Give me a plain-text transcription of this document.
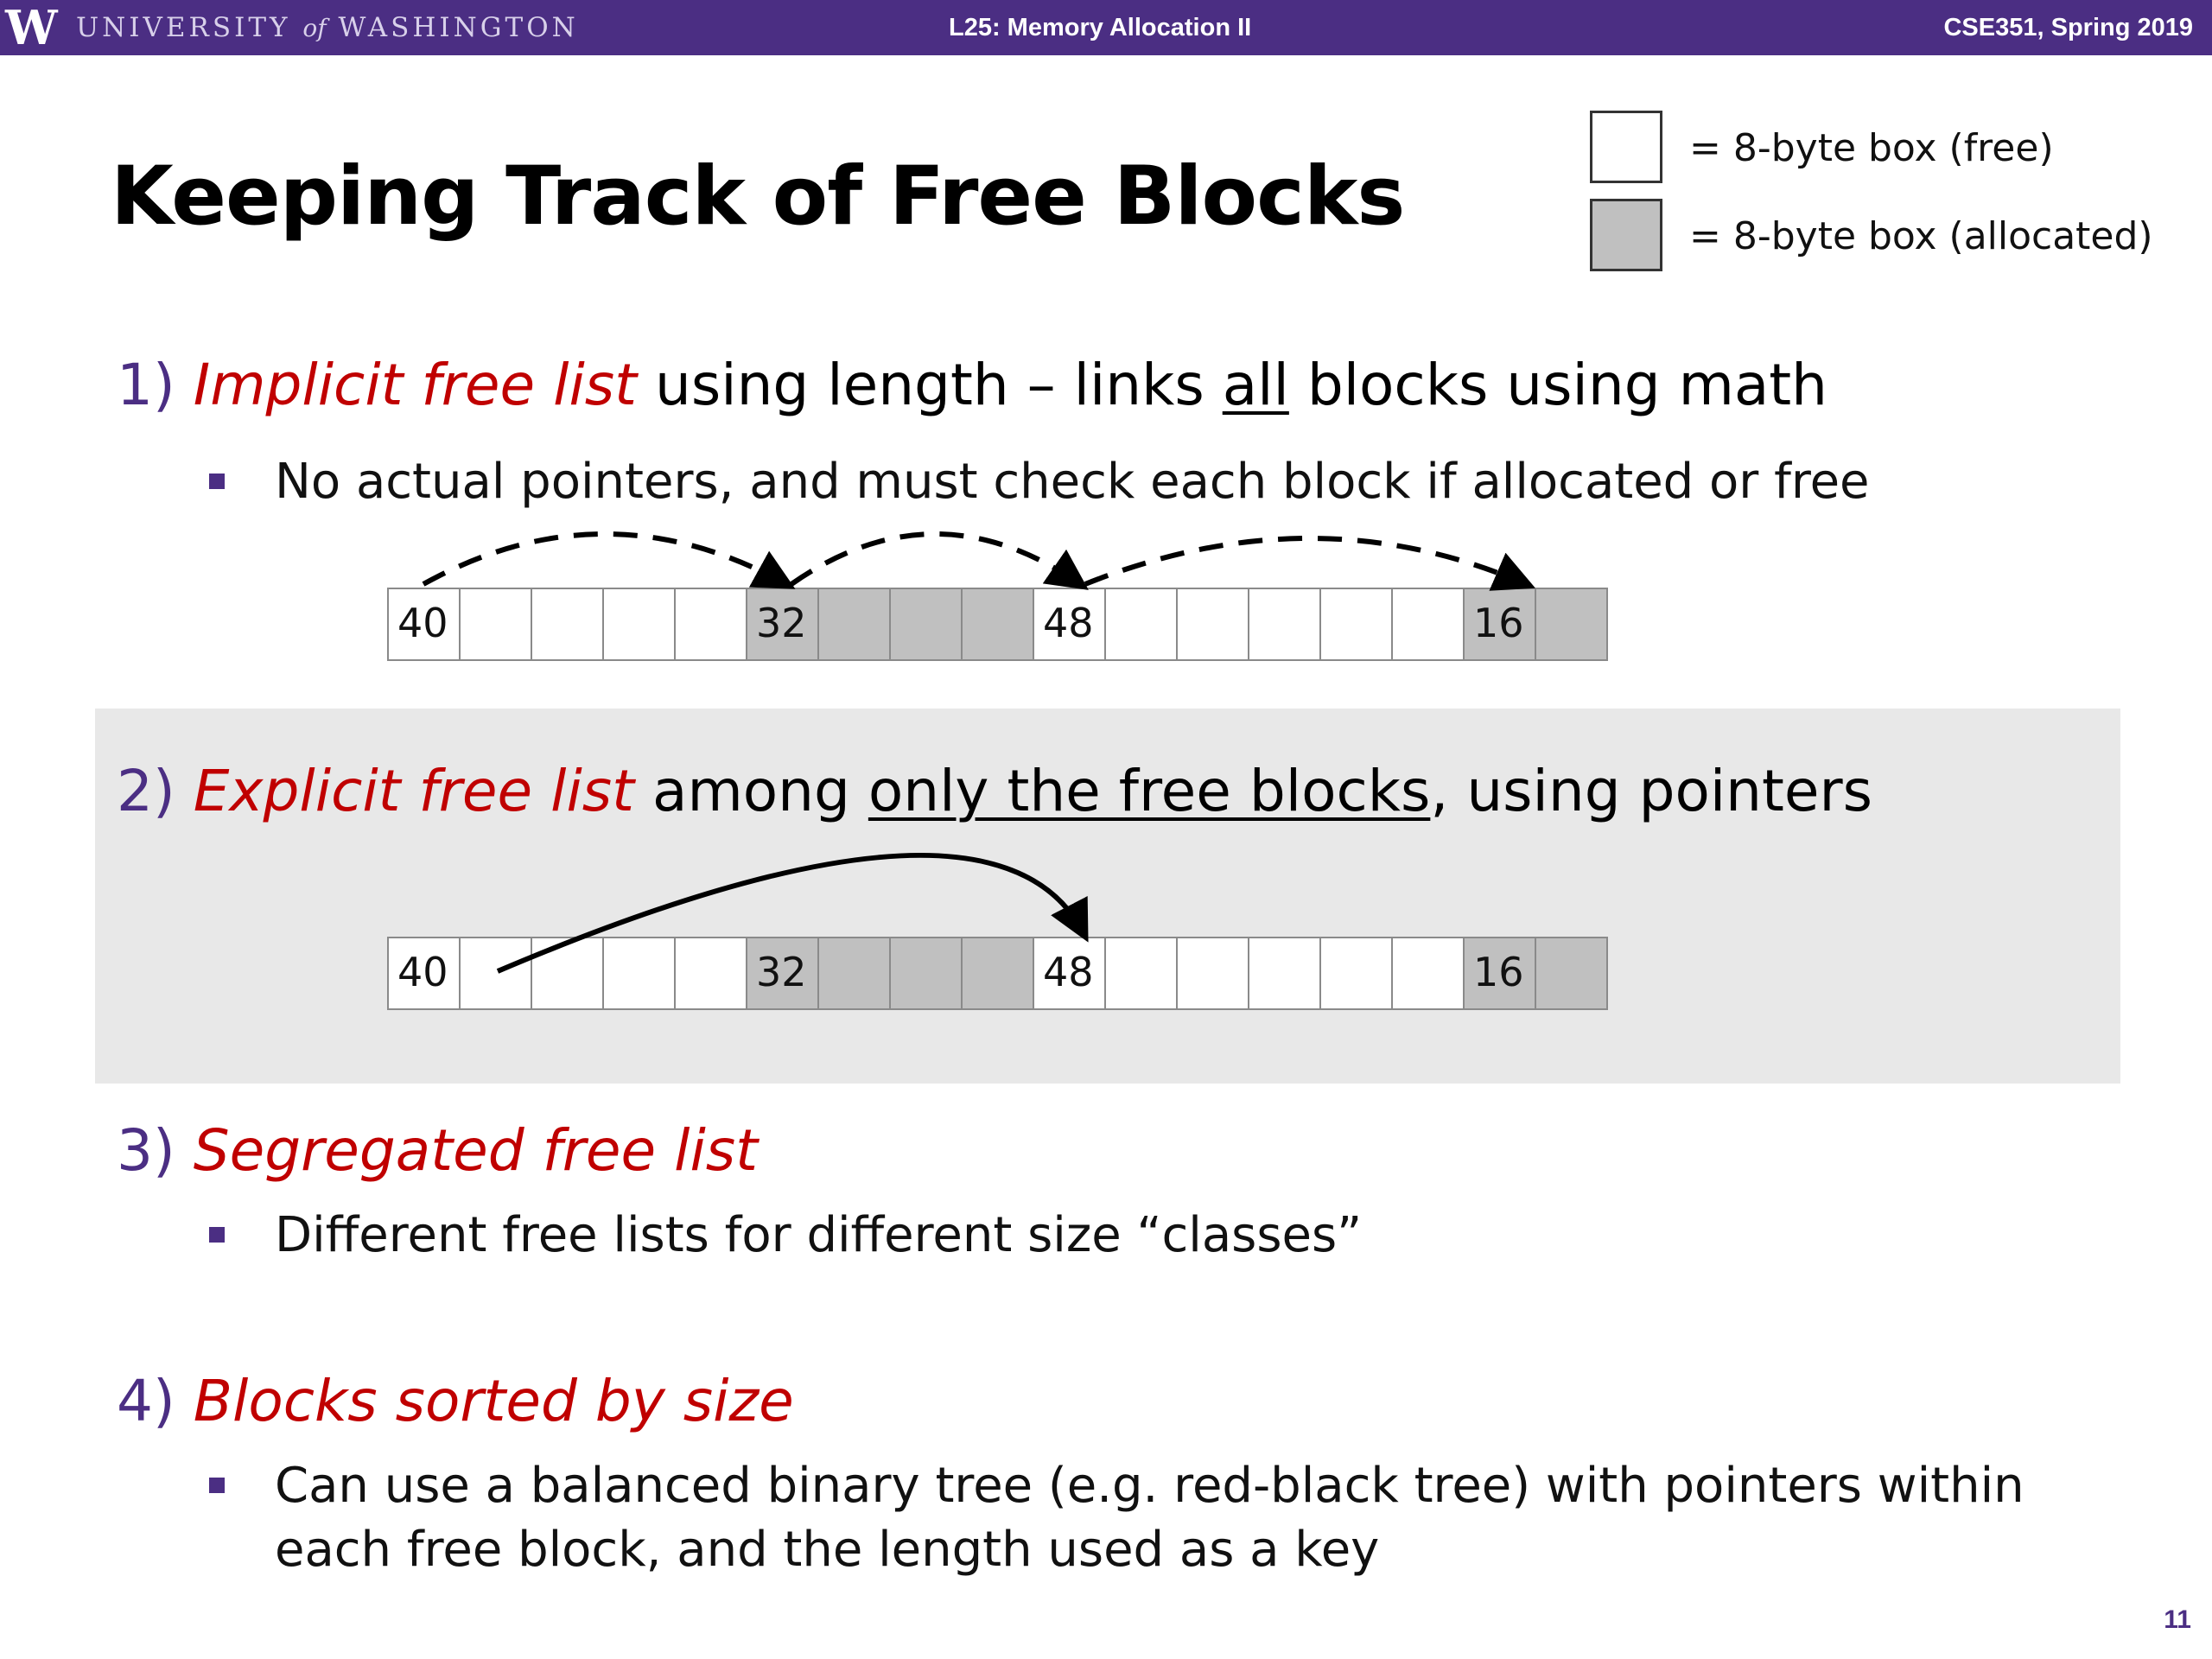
W UNIVERSITY of WASHINGTON	L25: Memory Allocation II	CSE351, Spring 2019
Keeping Track of Free Blocks
= 8-byte box (free)
= 8-byte box (allocated)
1) Implicit free list using length – links all blocks using math
No actual pointers, and must check each block if allocated or free
40	32	48	16
2) Explicit free list among only the free blocks, using pointers
40	32	48	16
3) Segregated free list
Different free lists for different size “classes”
4) Blocks sorted by size
Can use a balanced binary tree (e.g. red-black tree) with pointers within
each free block, and the length used as a key
11
